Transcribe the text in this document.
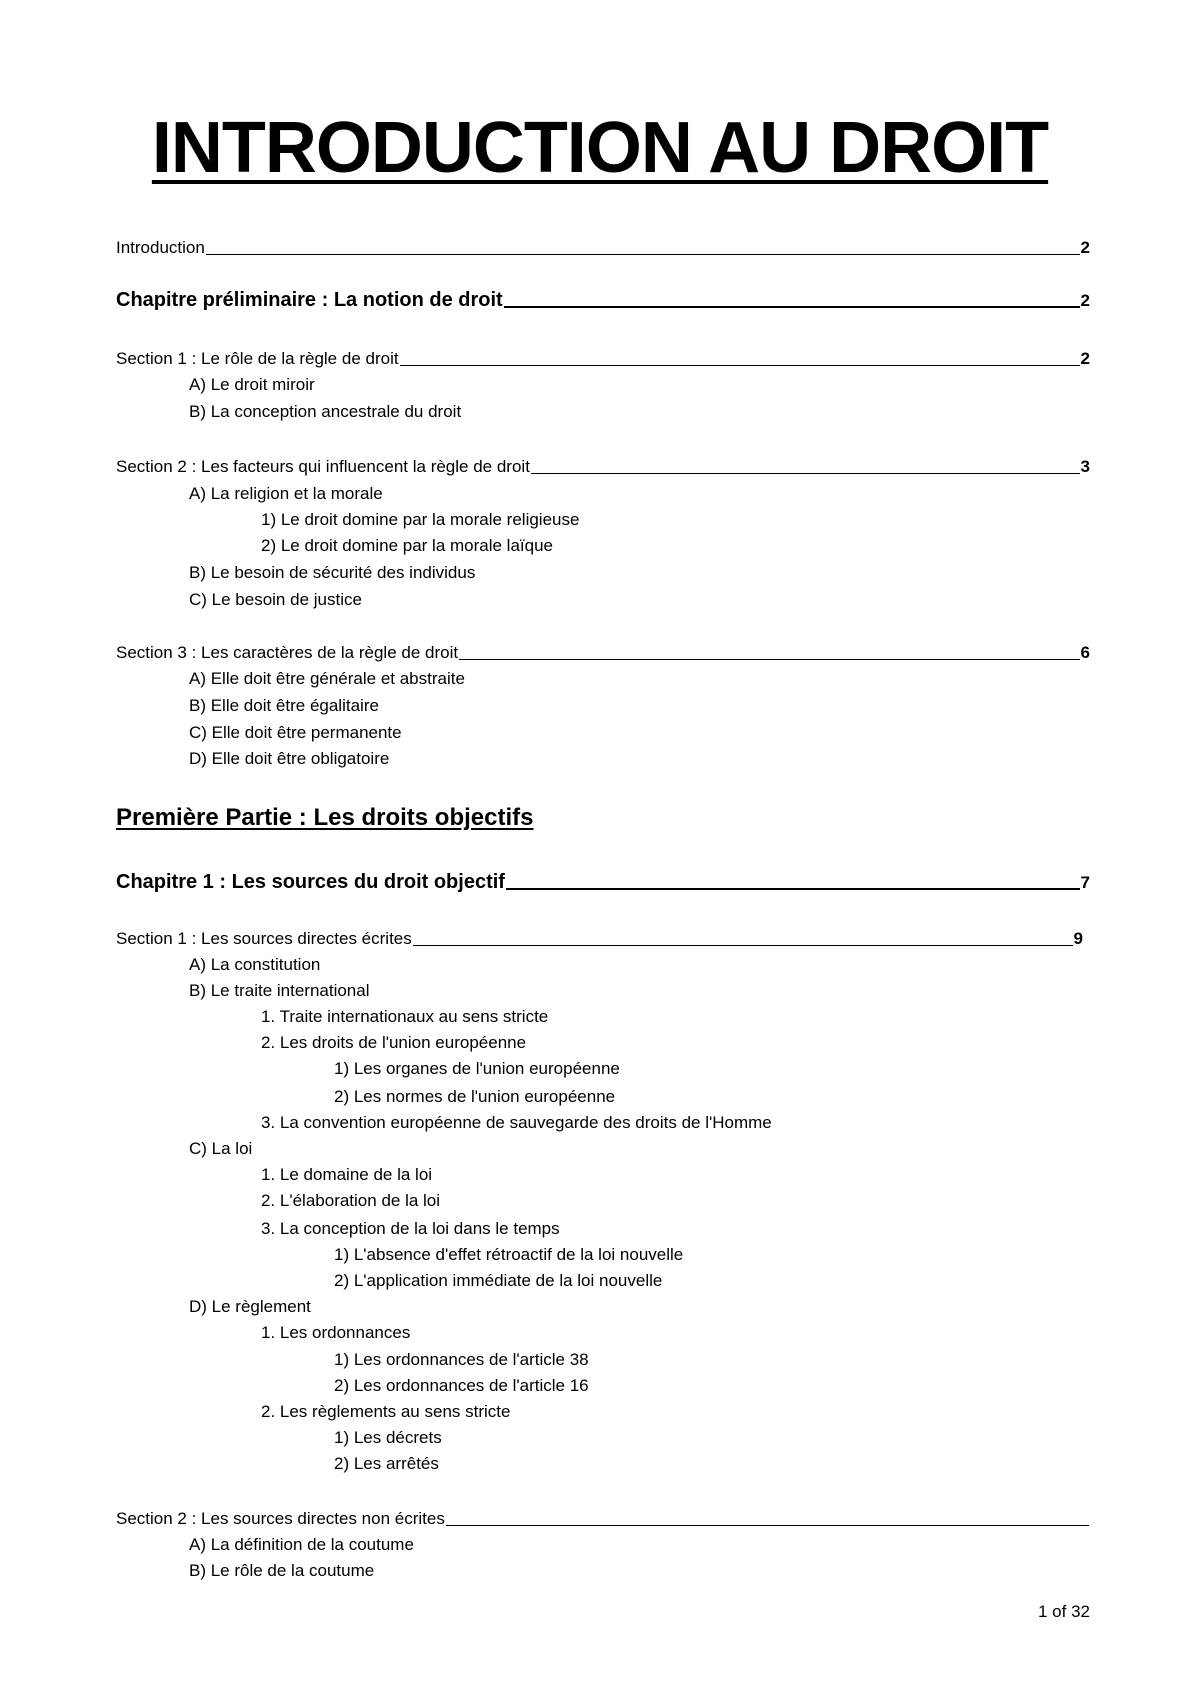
INTRODUCTION AU DROIT
Introduction	2
Chapitre préliminaire : La notion de droit	2
Section 1 : Le rôle de la règle de droit	2
A) Le droit miroir
B) La conception ancestrale du droit
Section 2 : Les facteurs qui influencent la règle de droit	3
A) La religion et la morale
1) Le droit domine par la morale religieuse
2) Le droit domine par la morale laïque
B) Le besoin de sécurité des individus
C) Le besoin de justice
Section 3 : Les caractères de la règle de droit	6
A) Elle doit être générale et abstraite
B) Elle doit être égalitaire
C) Elle doit être permanente
D) Elle doit être obligatoire
Première Partie : Les droits objectifs
Chapitre 1 : Les sources du droit objectif	7
Section 1 : Les sources directes écrites	9
A) La constitution
B) Le traite international
1. Traite internationaux au sens stricte
2. Les droits de l'union européenne
1) Les organes de l'union européenne
2) Les normes de l'union européenne
3. La convention européenne de sauvegarde des droits de l'Homme
C) La loi
1. Le domaine de la loi
2. L'élaboration de la loi
3. La conception de la loi dans le temps
1) L'absence d'effet rétroactif de la loi nouvelle
2) L'application immédiate de la loi nouvelle
D) Le règlement
1. Les ordonnances
1) Les ordonnances de l'article 38
2) Les ordonnances de l'article 16
2. Les règlements au sens stricte
1) Les décrets
2) Les arrêtés
Section 2 : Les sources directes non écrites
A) La définition de la coutume
B) Le rôle de la coutume
1 of 32
